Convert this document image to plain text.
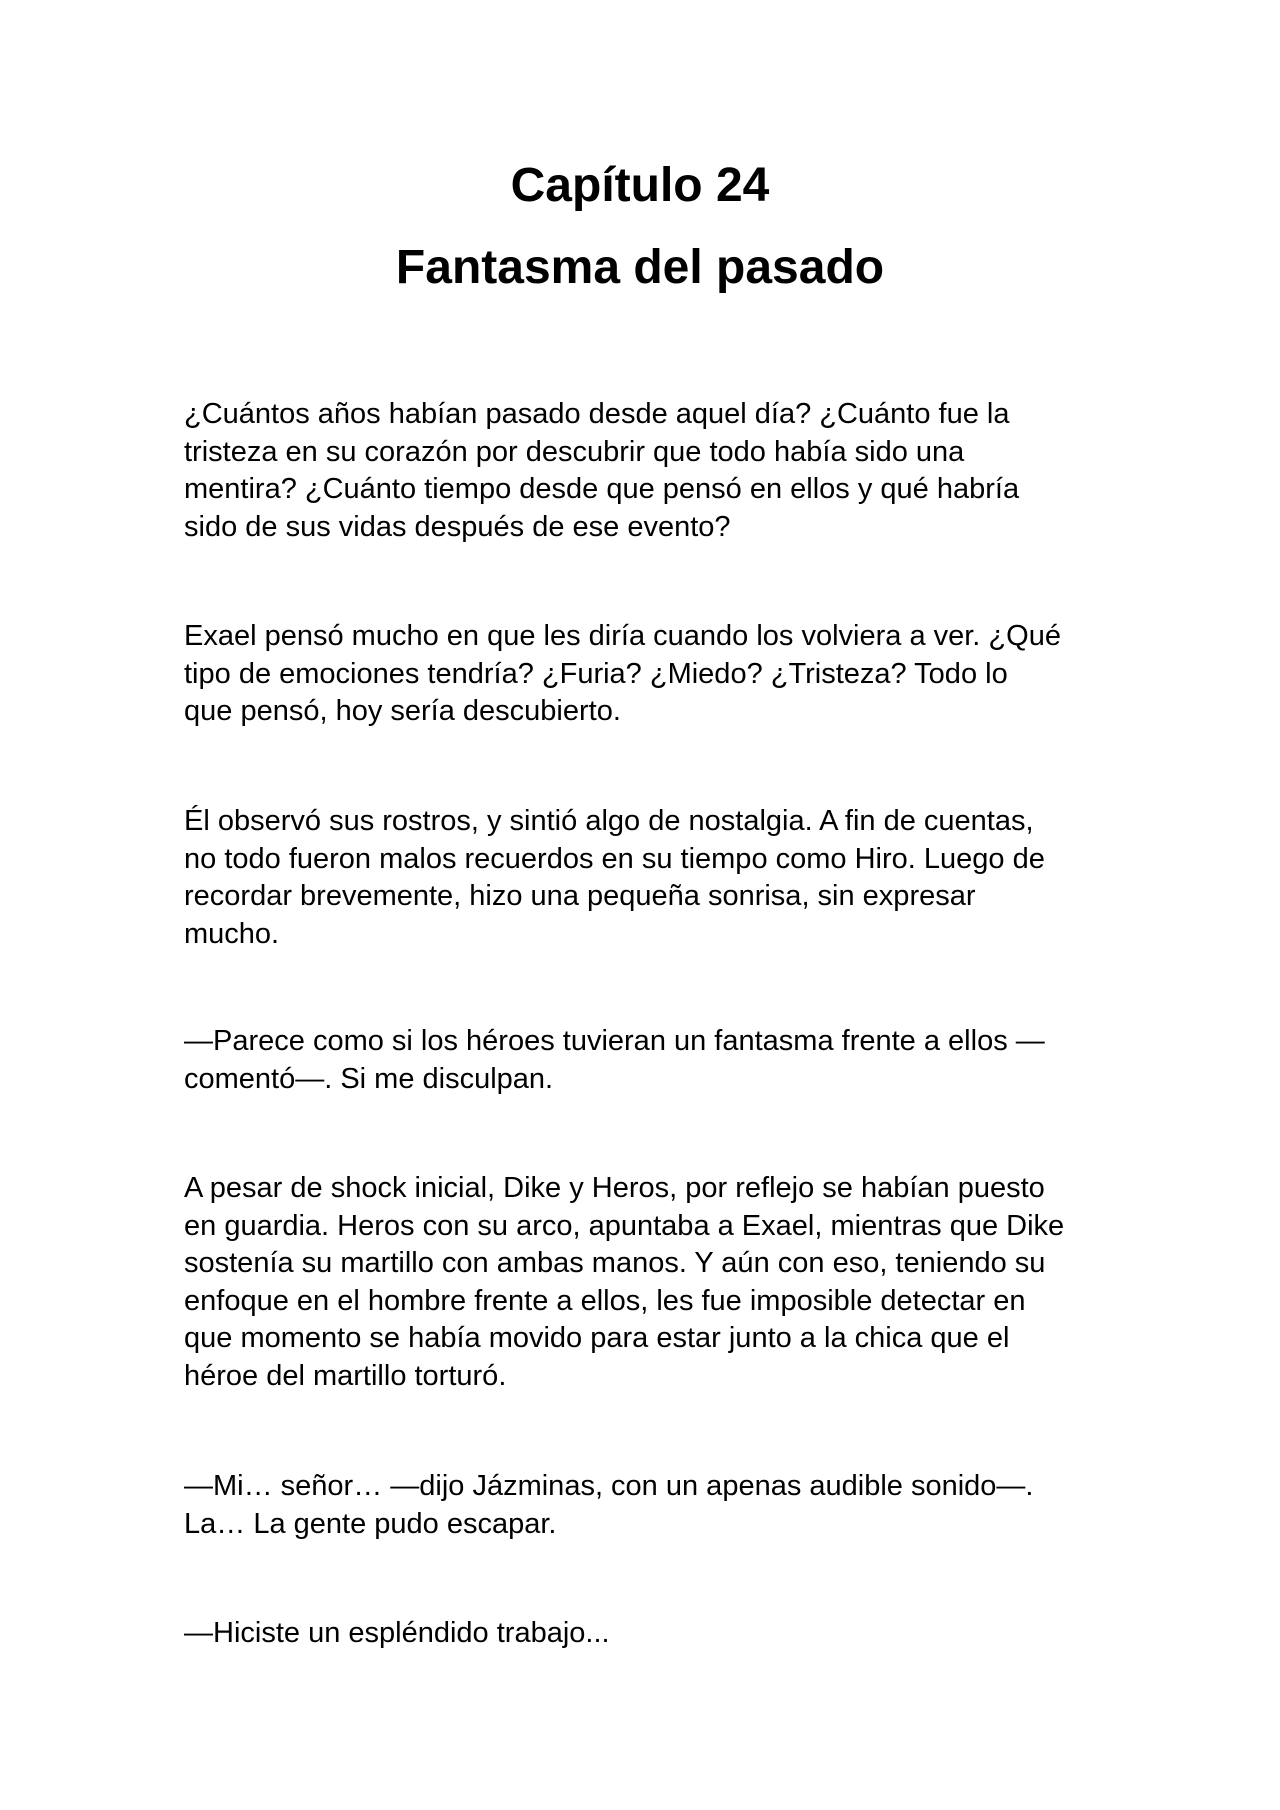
Capítulo 24
Fantasma del pasado

¿Cuántos años habían pasado desde aquel día? ¿Cuánto fue la
tristeza en su corazón por descubrir que todo había sido una
mentira? ¿Cuánto tiempo desde que pensó en ellos y qué habría
sido de sus vidas después de ese evento?

Exael pensó mucho en que les diría cuando los volviera a ver. ¿Qué
tipo de emociones tendría? ¿Furia? ¿Miedo? ¿Tristeza? Todo lo
que pensó, hoy sería descubierto.

Él observó sus rostros, y sintió algo de nostalgia. A fin de cuentas,
no todo fueron malos recuerdos en su tiempo como Hiro. Luego de
recordar brevemente, hizo una pequeña sonrisa, sin expresar
mucho.

—Parece como si los héroes tuvieran un fantasma frente a ellos —
comentó—. Si me disculpan.

A pesar de shock inicial, Dike y Heros, por reflejo se habían puesto
en guardia. Heros con su arco, apuntaba a Exael, mientras que Dike
sostenía su martillo con ambas manos. Y aún con eso, teniendo su
enfoque en el hombre frente a ellos, les fue imposible detectar en
que momento se había movido para estar junto a la chica que el
héroe del martillo torturó.

—Mi… señor… —dijo Jázminas, con un apenas audible sonido—.
La… La gente pudo escapar.

—Hiciste un espléndido trabajo...
